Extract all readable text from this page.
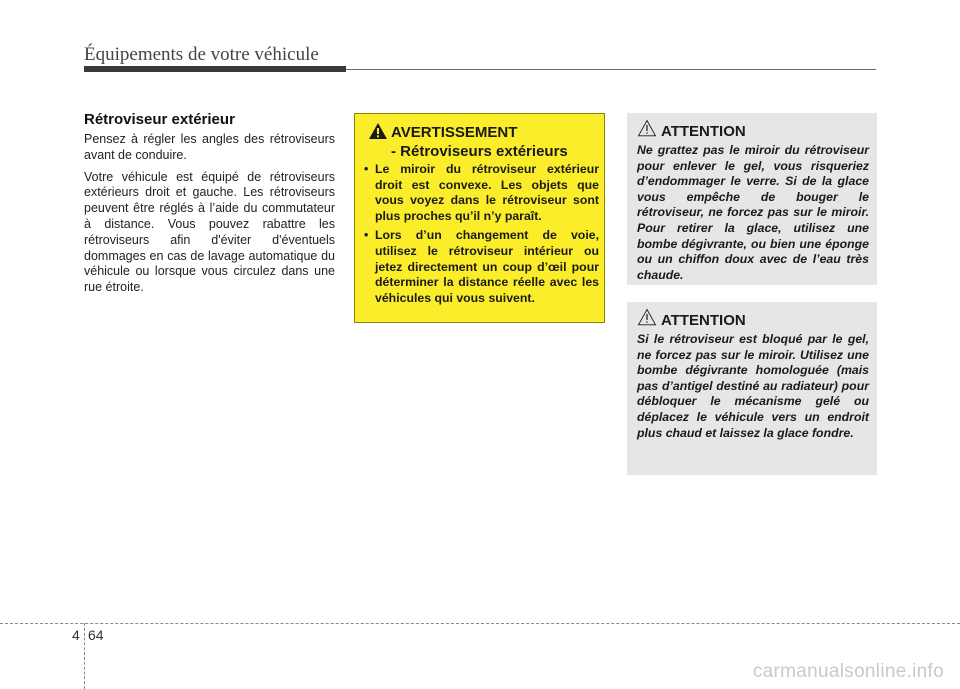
Équipements de votre véhicule
Rétroviseur extérieur

Pensez à régler les angles des rétroviseurs avant de conduire.

Votre véhicule est équipé de rétroviseurs extérieurs droit et gauche. Les rétroviseurs peuvent être réglés à l’aide du commutateur à distance. Vous pouvez rabattre les rétroviseurs afin d'éviter d'éventuels dommages en cas de lavage automatique du véhicule ou lorsque vous circulez dans une rue étroite.

AVERTISSEMENT
- Rétroviseurs extérieurs
• Le miroir du rétroviseur extérieur droit est convexe. Les objets que vous voyez dans le rétroviseur sont plus proches qu’il n’y paraît.
• Lors d’un changement de voie, utilisez le rétroviseur intérieur ou jetez directement un coup d’œil pour déterminer la distance réelle avec les véhicules qui vous suivent.
ATTENTION

Ne grattez pas le miroir du rétroviseur pour enlever le gel, vous risqueriez d’endommager le verre. Si de la glace vous empêche de bouger le rétroviseur, ne forcez pas sur le miroir. Pour retirer la glace, utilisez une bombe dégivrante, ou bien une éponge ou un chiffon doux avec de l’eau très chaude.

ATTENTION

Si le rétroviseur est bloqué par le gel, ne forcez pas sur le miroir. Utilisez une bombe dégivrante homologuée (mais pas d’antigel destiné au radiateur) pour débloquer le mécanisme gelé ou déplacez le véhicule vers un endroit plus chaud et laissez la glace fondre.

4 64
carmanualsonline.info
